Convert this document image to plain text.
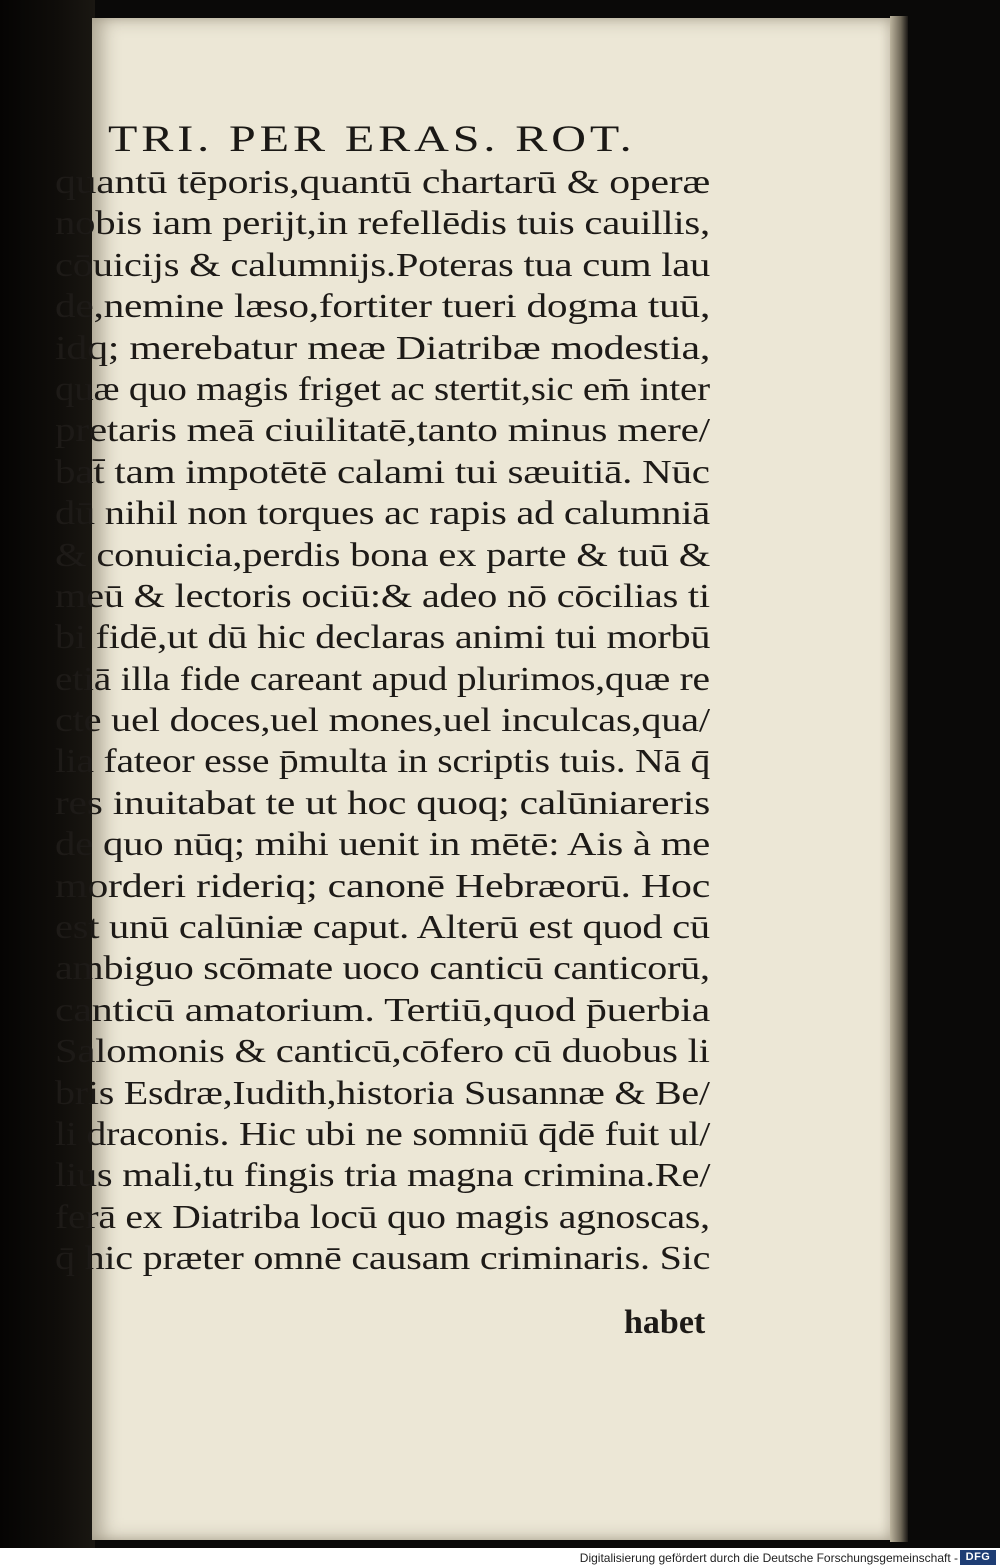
TRI. PER ERAS. ROT.
quantū tēporis,quantū chartarū & operæ
nobis iam perijt,in refellēdis tuis cauillis,
cōuicijs & calumnijs.Poteras tua cum lau
de,nemine læso,fortiter tueri dogma tuū,
idq; merebatur meæ Diatribæ modestia,
quæ quo magis friget ac stertit,sic em̄ inter
pretaris meā ciuilitatē,tanto minus mere/
bat̄ tam impotētē calami tui sæuitiā. Nūc
dū nihil non torques ac rapis ad calumniā
& conuicia,perdis bona ex parte & tuū &
meū & lectoris ociū:& adeo nō cōcilias ti
bi fidē,ut dū hic declaras animi tui morbū
etiā illa fide careant apud plurimos,quæ re
cte uel doces,uel mones,uel inculcas,qua/
lia fateor esse p̄multa in scriptis tuis. Nā q̄
res inuitabat te ut hoc quoq; calūniareris
de quo nūq; mihi uenit in mētē: Ais à me
morderi rideriq; canonē Hebræorū. Hoc
est unū calūniæ caput. Alterū est quod cū
ambiguo scōmate uoco canticū canticorū,
canticū amatorium. Tertiū,quod p̄uerbia
Salomonis & canticū,cōfero cū duobus li
bris Esdræ,Iudith,historia Susannæ & Be/
li draconis. Hic ubi ne somniū q̄dē fuit ul/
lius mali,tu fingis tria magna crimina.Re/
ferā ex Diatriba locū quo magis agnoscas,
q̄ hic præter omnē causam criminaris. Sic
habet
Digitalisierung gefördert durch die Deutsche Forschungsgemeinschaft - DFG
